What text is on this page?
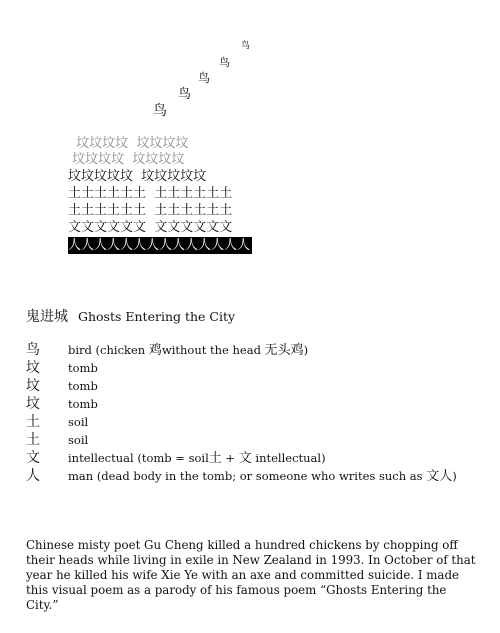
鸟
鸟
鸟
鸟
鸟
坟坟坟坟  坟坟坟坟
坟坟坟坟  坟坟坟坟
坟坟坟坟坟  坟坟坟坟坟
土土土土土土  土土土土土土
土土土土土土  土土土土土土
文文文文文文  文文文文文文
人人人人人人人人人人人人人人
鬼进城 Ghosts Entering the City
鸟 bird (chicken 鸡without the head 无头鸡)
坟 tomb
坟 tomb
坟 tomb
土 soil
土 soil
文 intellectual (tomb = soil土 + 文 intellectual)
人 man (dead body in the tomb; or someone who writes such as 文人)
Chinese misty poet Gu Cheng killed a hundred chickens by chopping off their heads while living in exile in New Zealand in 1993. In October of that year he killed his wife Xie Ye with an axe and committed suicide. I made this visual poem as a parody of his famous poem “Ghosts Entering the City.”
